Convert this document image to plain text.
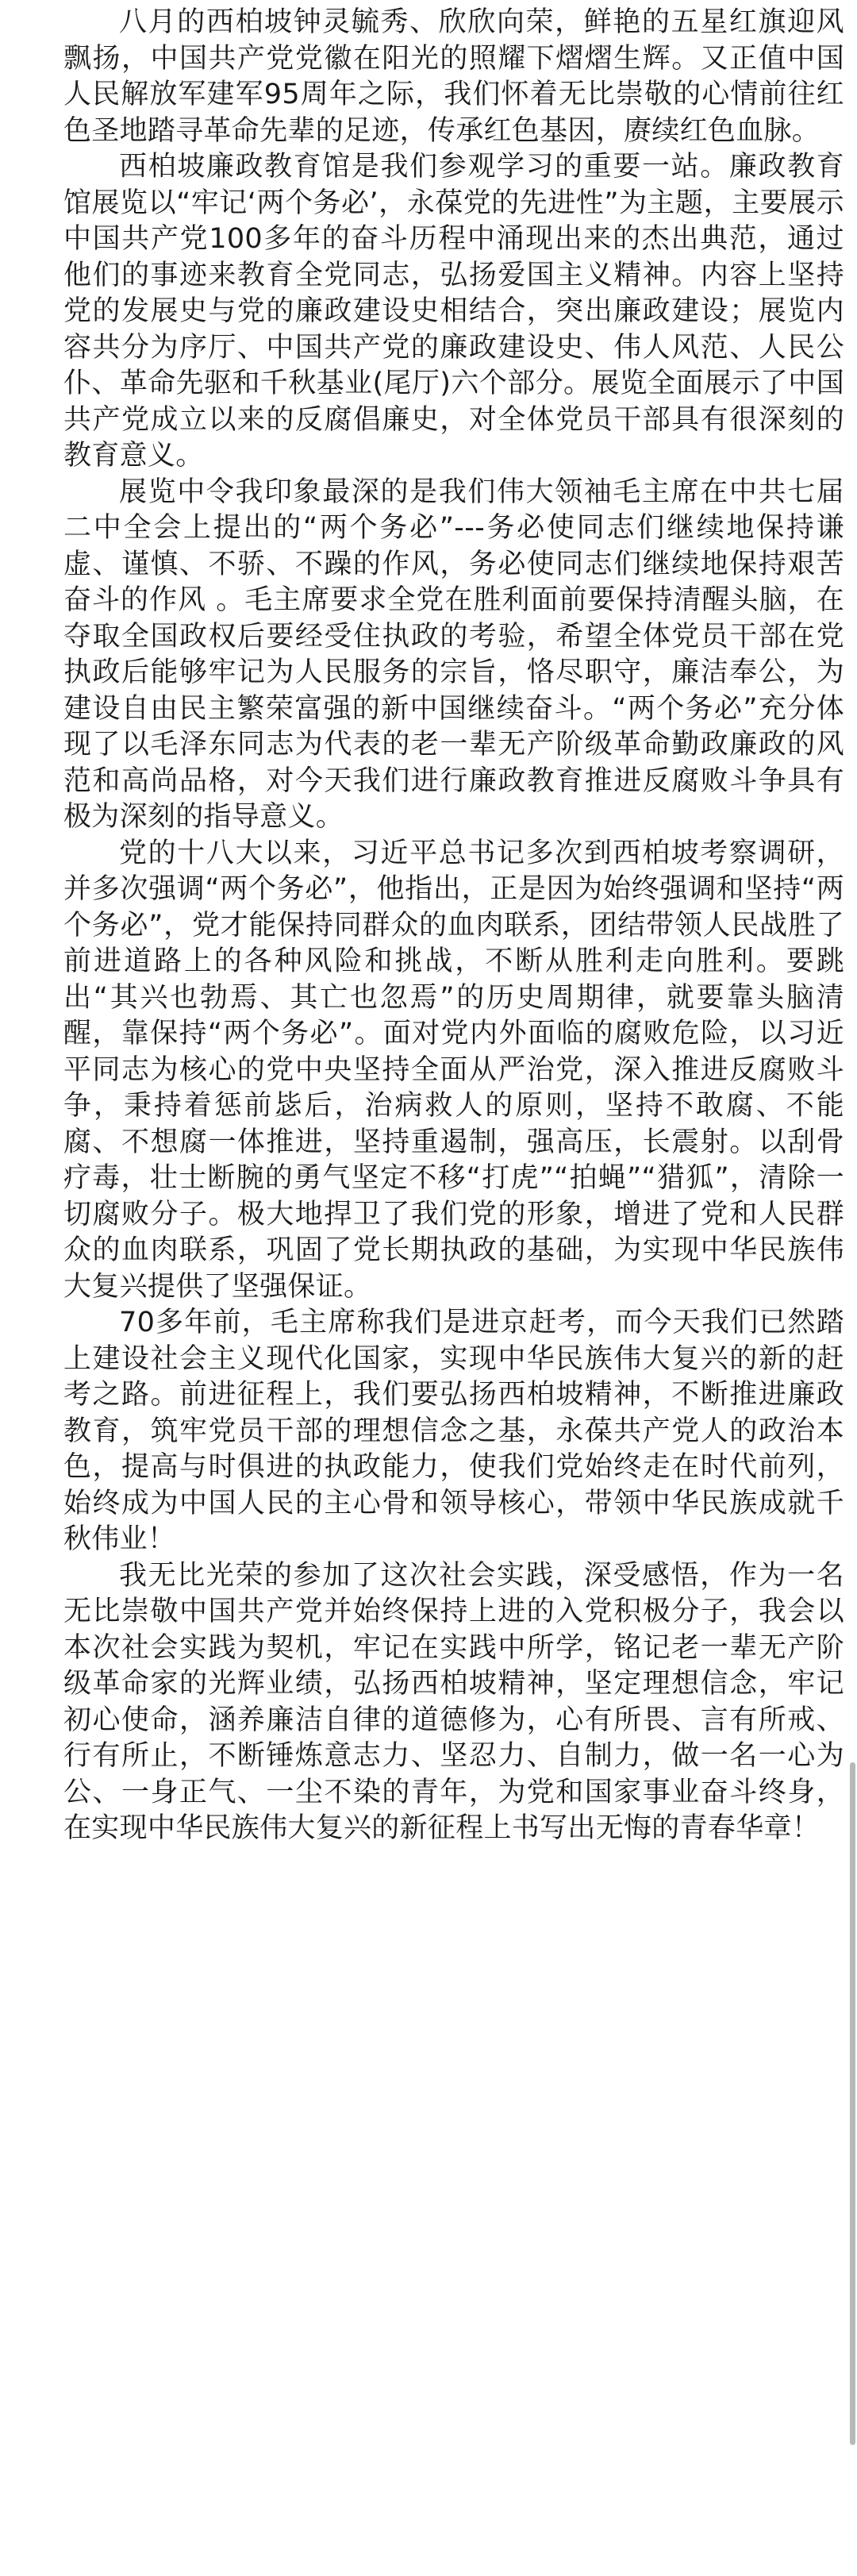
八月的西柏坡钟灵毓秀、欣欣向荣，鲜艳的五星红旗迎风飘扬，中国共产党党徽在阳光的照耀下熠熠生辉。又正值中国人民解放军建军95周年之际，我们怀着无比崇敬的心情前往红色圣地踏寻革命先辈的足迹，传承红色基因，赓续红色血脉。

西柏坡廉政教育馆是我们参观学习的重要一站。廉政教育馆展览以“牢记‘两个务必’，永葆党的先进性”为主题，主要展示中国共产党100多年的奋斗历程中涌现出来的杰出典范，通过他们的事迹来教育全党同志，弘扬爱国主义精神。内容上坚持党的发展史与党的廉政建设史相结合，突出廉政建设；展览内容共分为序厅、中国共产党的廉政建设史、伟人风范、人民公仆、革命先驱和千秋基业(尾厅)六个部分。展览全面展示了中国共产党成立以来的反腐倡廉史，对全体党员干部具有很深刻的教育意义。

展览中令我印象最深的是我们伟大领袖毛主席在中共七届二中全会上提出的“两个务必”---务必使同志们继续地保持谦虚、谨慎、不骄、不躁的作风，务必使同志们继续地保持艰苦奋斗的作风 。毛主席要求全党在胜利面前要保持清醒头脑，在夺取全国政权后要经受住执政的考验，希望全体党员干部在党执政后能够牢记为人民服务的宗旨，恪尽职守，廉洁奉公，为建设自由民主繁荣富强的新中国继续奋斗。“两个务必”充分体现了以毛泽东同志为代表的老一辈无产阶级革命勤政廉政的风范和高尚品格，对今天我们进行廉政教育推进反腐败斗争具有极为深刻的指导意义。

党的十八大以来，习近平总书记多次到西柏坡考察调研，并多次强调“两个务必”，他指出，正是因为始终强调和坚持“两个务必”，党才能保持同群众的血肉联系，团结带领人民战胜了前进道路上的各种风险和挑战，不断从胜利走向胜利。要跳出“其兴也勃焉、其亡也忽焉”的历史周期律，就要靠头脑清醒，靠保持“两个务必”。面对党内外面临的腐败危险，以习近平同志为核心的党中央坚持全面从严治党，深入推进反腐败斗争，秉持着惩前毖后，治病救人的原则，坚持不敢腐、不能腐、不想腐一体推进，坚持重遏制，强高压，长震射。以刮骨疗毒，壮士断腕的勇气坚定不移“打虎”“拍蝇”“猎狐”，清除一切腐败分子。极大地捍卫了我们党的形象，增进了党和人民群众的血肉联系，巩固了党长期执政的基础，为实现中华民族伟大复兴提供了坚强保证。

70多年前，毛主席称我们是进京赶考，而今天我们已然踏上建设社会主义现代化国家，实现中华民族伟大复兴的新的赶考之路。前进征程上，我们要弘扬西柏坡精神，不断推进廉政教育，筑牢党员干部的理想信念之基，永葆共产党人的政治本色，提高与时俱进的执政能力，使我们党始终走在时代前列，始终成为中国人民的主心骨和领导核心，带领中华民族成就千秋伟业！

我无比光荣的参加了这次社会实践，深受感悟，作为一名无比崇敬中国共产党并始终保持上进的入党积极分子，我会以本次社会实践为契机，牢记在实践中所学，铭记老一辈无产阶级革命家的光辉业绩，弘扬西柏坡精神，坚定理想信念，牢记初心使命，涵养廉洁自律的道德修为，心有所畏、言有所戒、行有所止，不断锤炼意志力、坚忍力、自制力，做一名一心为公、一身正气、一尘不染的青年，为党和国家事业奋斗终身，在实现中华民族伟大复兴的新征程上书写出无悔的青春华章！
